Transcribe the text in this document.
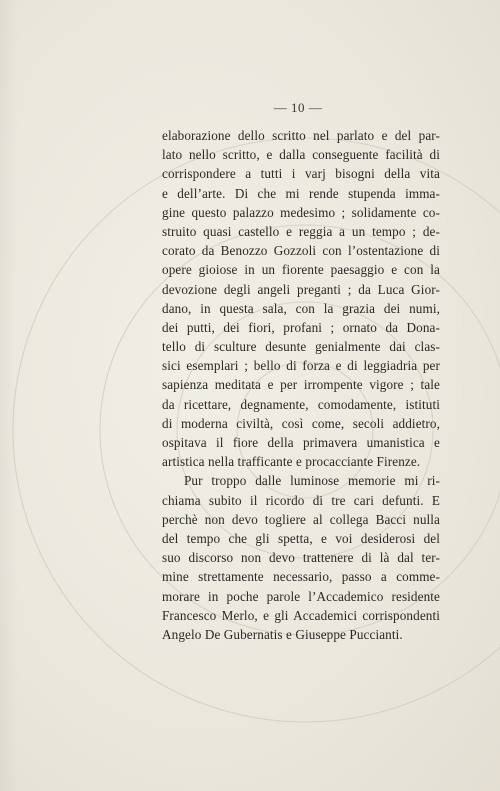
— 10 —
elaborazione dello scritto nel parlato e del par-
lato nello scritto, e dalla conseguente facilità di
corrispondere a tutti i varj bisogni della vita
e dell’arte. Di che mi rende stupenda imma-
gine questo palazzo medesimo ; solidamente co-
struito quasi castello e reggia a un tempo ; de-
corato da Benozzo Gozzoli con l’ostentazione di
opere gioiose in un fiorente paesaggio e con la
devozione degli angeli preganti ; da Luca Gior-
dano, in questa sala, con la grazia dei numi,
dei putti, dei fiori, profani ; ornato da Dona-
tello di sculture desunte genialmente dai clas-
sici esemplari ; bello di forza e di leggiadria per
sapienza meditata e per irrompente vigore ; tale
da ricettare, degnamente, comodamente, istituti
di moderna civiltà, così come, secoli addietro,
ospitava il fiore della primavera umanistica e
artistica nella trafficante e procacciante Firenze.
Pur troppo dalle luminose memorie mi ri-
chiama subito il ricordo di tre cari defunti. E
perchè non devo togliere al collega Bacci nulla
del tempo che gli spetta, e voi desiderosi del
suo discorso non devo trattenere di là dal ter-
mine strettamente necessario, passo a comme-
morare in poche parole l’Accademico residente
Francesco Merlo, e gli Accademici corrispondenti
Angelo De Gubernatis e Giuseppe Puccianti.
